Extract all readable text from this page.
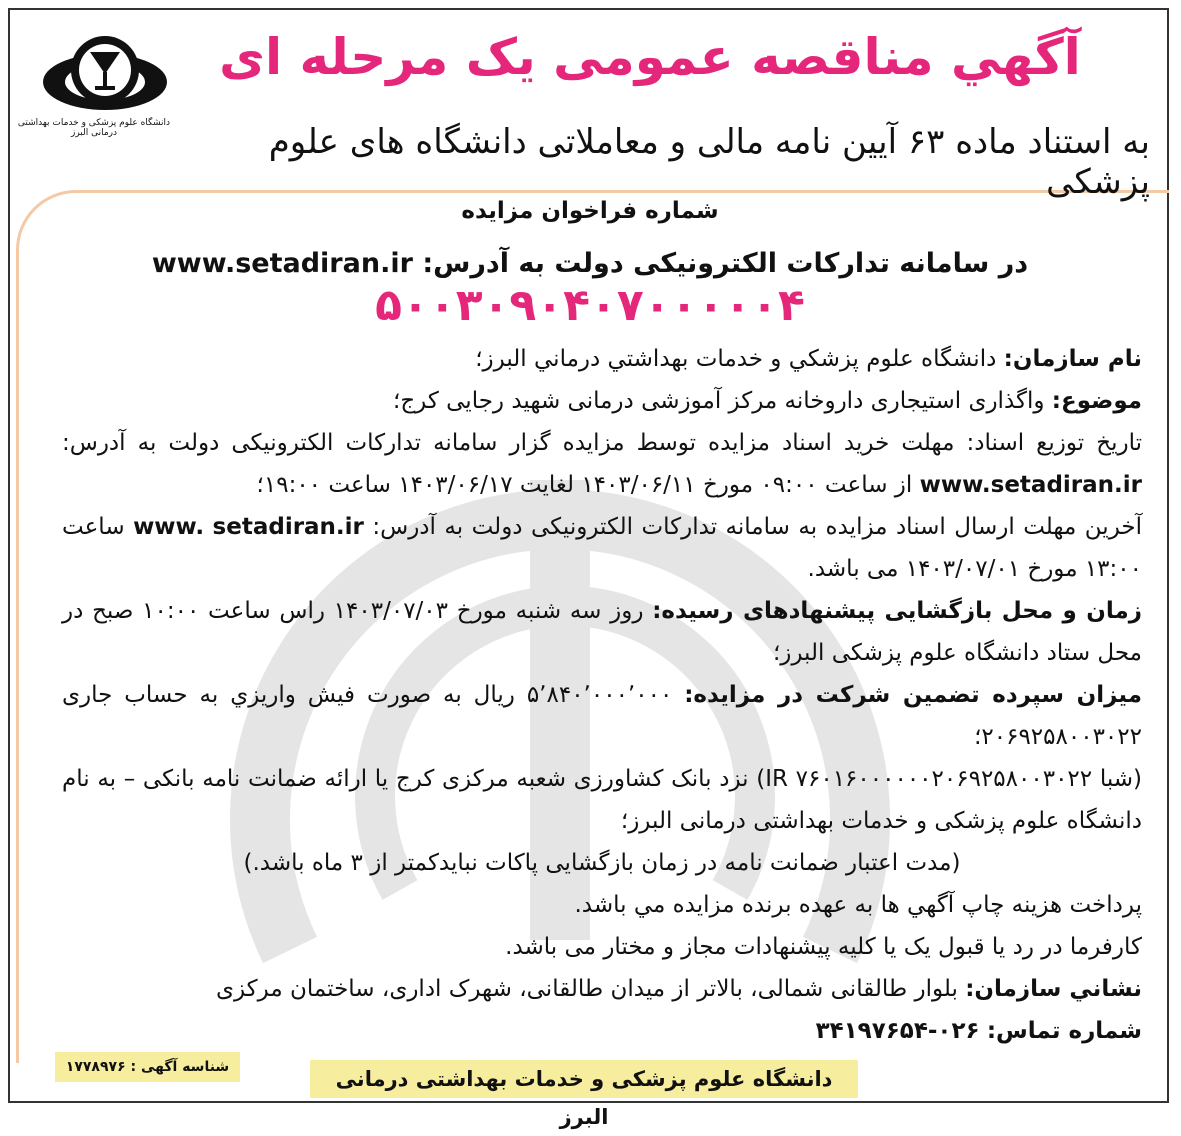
دانشگاه علوم پزشکی و خدمات بهداشتی درمانی البرز
آگهي مناقصه عمومی یک مرحله ای
به استناد ماده ۶۳ آیین نامه مالی و معاملاتی دانشگاه های علوم پزشکی
شماره فراخوان مزایده
در سامانه تدارکات الکترونیکی دولت به آدرس: www.setadiran.ir
۵۰۰۳۰۹۰۴۰۷۰۰۰۰۰۴

نام سازمان: دانشگاه علوم پزشكي و خدمات بهداشتي درماني البرز؛

موضوع: واگذاری استیجاری داروخانه مرکز آموزشی درمانی شهید رجایی کرج؛

تاریخ توزیع اسناد: مهلت خرید اسناد مزایده توسط مزایده گزار سامانه تدارکات الکترونیکی دولت به آدرس: www.setadiran.ir از ساعت ۰۹:۰۰ مورخ ۱۴۰۳/۰۶/۱۱ لغایت ۱۴۰۳/۰۶/۱۷ ساعت ۱۹:۰۰؛

آخرین مهلت ارسال اسناد مزایده به سامانه تدارکات الکترونیکی دولت به آدرس: www. setadiran.ir ساعت ۱۳:۰۰ مورخ ۱۴۰۳/۰۷/۰۱ می باشد.

زمان و محل بازگشایی پیشنهادهای رسیده: روز سه شنبه مورخ ۱۴۰۳/۰۷/۰۳ راس ساعت ۱۰:۰۰ صبح در محل ستاد دانشگاه علوم پزشکی البرز؛

میزان سپرده تضمین شرکت در مزایده: ۵٬۸۴۰٬۰۰۰٬۰۰۰ ریال به صورت فیش واریزي به حساب جاری ۲۰۶۹۲۵۸۰۰۳۰۲۲؛

(شبا IR ۷۶۰۱۶۰۰۰۰۰۰۲۰۶۹۲۵۸۰۰۳۰۲۲) نزد بانک کشاورزی شعبه مرکزی کرج یا ارائه ضمانت نامه بانکی – به نام دانشگاه علوم پزشکی و خدمات بهداشتی درمانی البرز؛

(مدت اعتبار ضمانت نامه در زمان بازگشایی پاکات نبایدکمتر از ۳ ماه باشد.)

پرداخت هزینه چاپ آگهي ها به عهده برنده مزایده مي باشد.

کارفرما در رد یا قبول یک یا کلیه پیشنهادات مجاز و مختار می باشد.

نشاني سازمان: بلوار طالقانی شمالی، بالاتر از میدان طالقانی، شهرک اداری، ساختمان مرکزی

شماره تماس: ۰۲۶-۳۴۱۹۷۶۵۴

شناسه آگهی : ۱۷۷۸۹۷۶	دانشگاه علوم پزشکی و خدمات بهداشتی درمانی البرز
